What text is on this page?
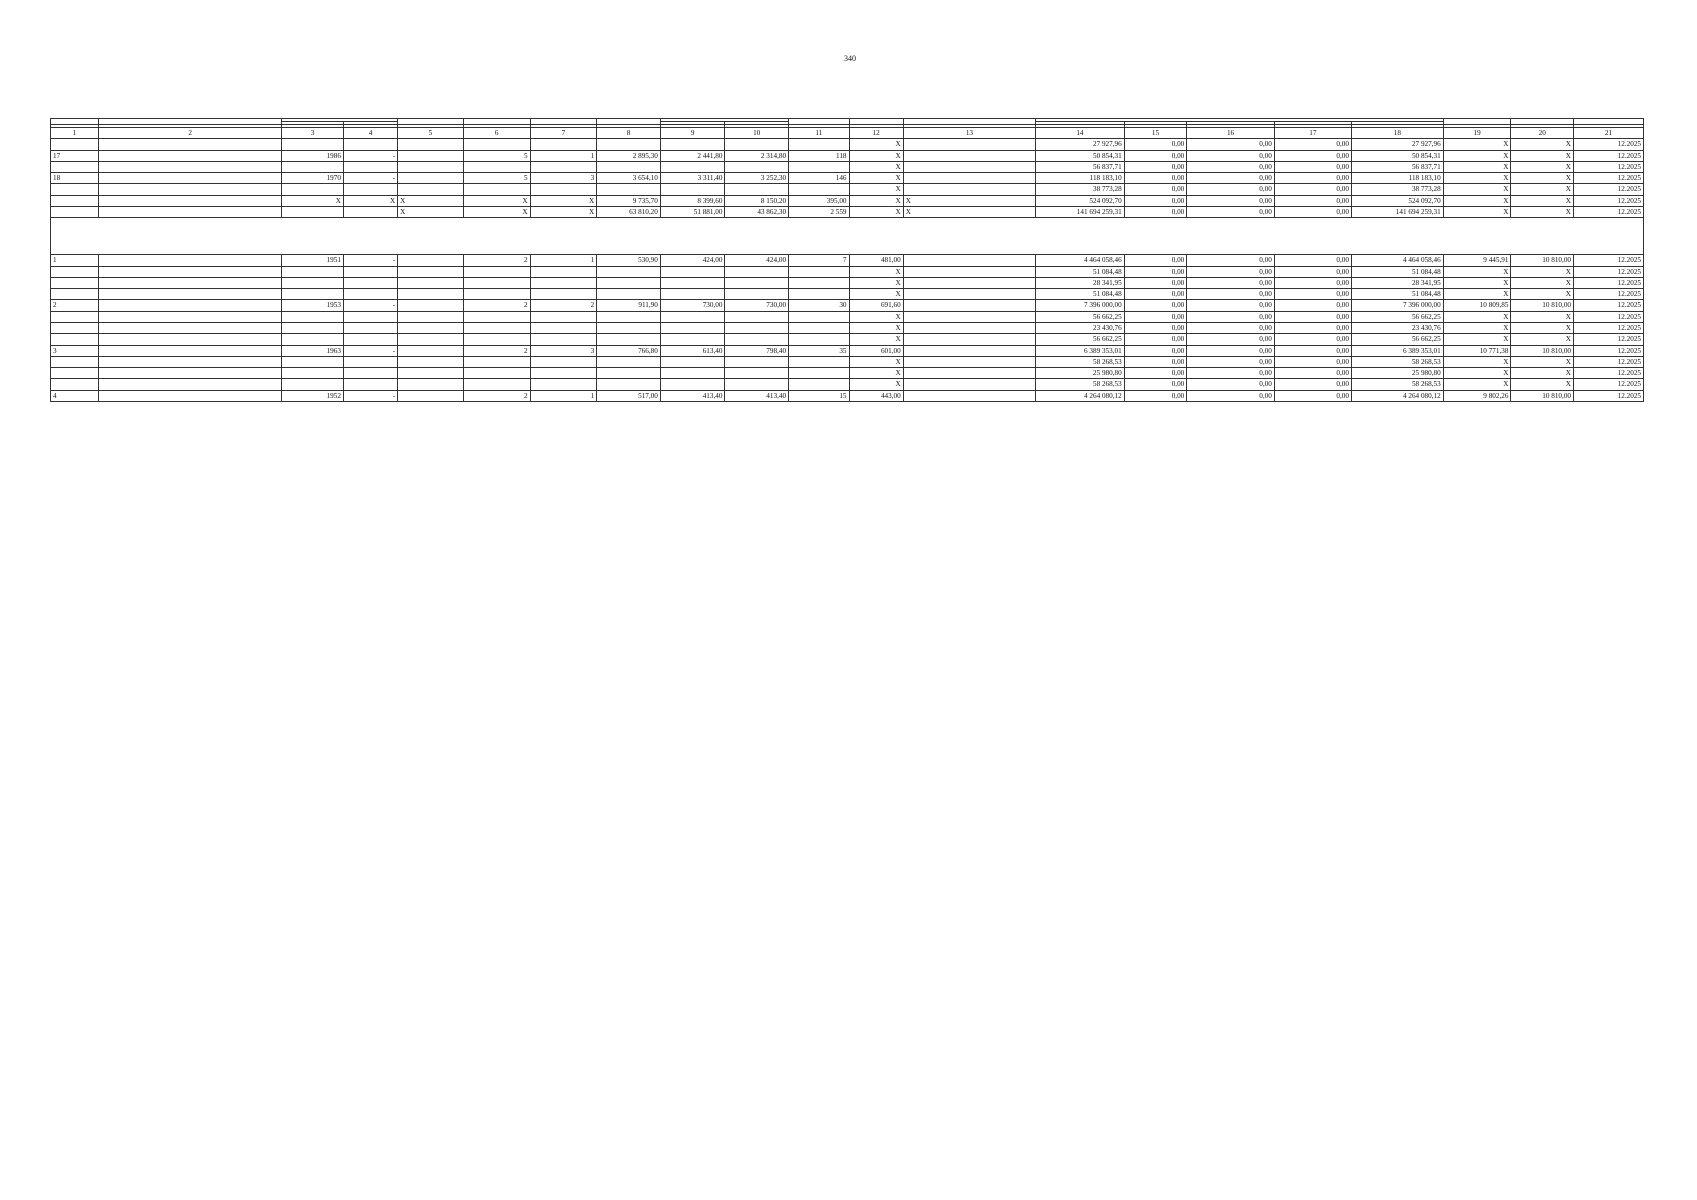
340

1	2	3	4	5	6	7	8	9	10	11	12	13	14	15	16	17	18	19	20	21
											X		27 927,96	0,00	0,00	0,00	27 927,96	X	X	12.2025
17		1986	-		5	1	2 895,30	2 441,80	2 314,80	118	X		50 854,31	0,00	0,00	0,00	50 854,31	X	X	12.2025
											X		56 837,71	0,00	0,00	0,00	56 837,71	X	X	12.2025
18		1970	-		5	3	3 654,10	3 311,40	3 252,30	146	X		118 183,10	0,00	0,00	0,00	118 183,10	X	X	12.2025
											X		38 773,28	0,00	0,00	0,00	38 773,28	X	X	12.2025
		X	X	X	X	X	9 735,70	8 399,60	8 150,20	395,00	X	X	524 092,70	0,00	0,00	0,00	524 092,70	X	X	12.2025
				X	X	X	63 810,20	51 881,00	43 862,30	2 559	X	X	141 694 259,31	0,00	0,00	0,00	141 694 259,31	X	X	12.2025

1		1951	-		2	1	530,90	424,00	424,00	7	481,00		4 464 058,46	0,00	0,00	0,00	4 464 058,46	9 445,91	10 810,00	12.2025
											X		51 084,48	0,00	0,00	0,00	51 084,48	X	X	12.2025
											X		28 341,95	0,00	0,00	0,00	28 341,95	X	X	12.2025
											X		51 084,48	0,00	0,00	0,00	51 084,48	X	X	12.2025
2		1953	-		2	2	911,90	730,00	730,00	30	691,60		7 396 000,00	0,00	0,00	0,00	7 396 000,00	10 809,85	10 810,00	12.2025
											X		56 662,25	0,00	0,00	0,00	56 662,25	X	X	12.2025
											X		23 430,76	0,00	0,00	0,00	23 430,76	X	X	12.2025
											X		56 662,25	0,00	0,00	0,00	56 662,25	X	X	12.2025
3		1963	-		2	3	766,80	613,40	798,40	35	601,00		6 389 353,01	0,00	0,00	0,00	6 389 353,01	10 771,38	10 810,00	12.2025
											X		58 268,53	0,00	0,00	0,00	58 268,53	X	X	12.2025
											X		25 980,80	0,00	0,00	0,00	25 980,80	X	X	12.2025
											X		58 268,53	0,00	0,00	0,00	58 268,53	X	X	12.2025
4		1952	-		2	1	517,00	413,40	413,40	15	443,00		4 264 080,12	0,00	0,00	0,00	4 264 080,12	9 802,26	10 810,00	12.2025
